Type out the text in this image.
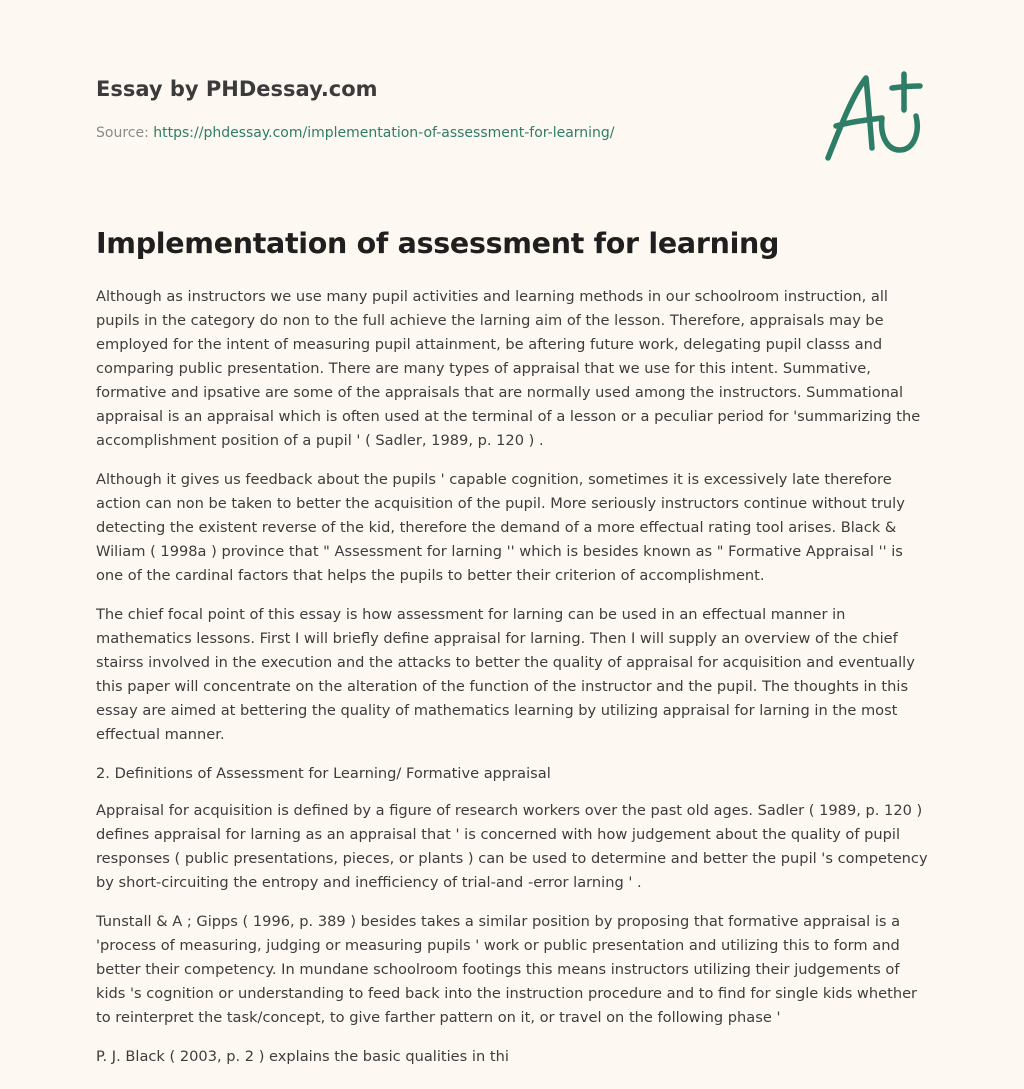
Essay by PHDessay.com
Source: https://phdessay.com/implementation-of-assessment-for-learning/
Implementation of assessment for learning

Although as instructors we use many pupil activities and learning methods in our schoolroom instruction, all pupils in the category do non to the full achieve the larning aim of the lesson. Therefore, appraisals may be employed for the intent of measuring pupil attainment, be aftering future work, delegating pupil classs and comparing public presentation. There are many types of appraisal that we use for this intent. Summative, formative and ipsative are some of the appraisals that are normally used among the instructors. Summational appraisal is an appraisal which is often used at the terminal of a lesson or a peculiar period for 'summarizing the accomplishment position of a pupil ' ( Sadler, 1989, p. 120 ) .

Although it gives us feedback about the pupils ' capable cognition, sometimes it is excessively late therefore action can non be taken to better the acquisition of the pupil. More seriously instructors continue without truly detecting the existent reverse of the kid, therefore the demand of a more effectual rating tool arises. Black & Wiliam ( 1998a ) province that " Assessment for larning '' which is besides known as " Formative Appraisal '' is one of the cardinal factors that helps the pupils to better their criterion of accomplishment.

The chief focal point of this essay is how assessment for larning can be used in an effectual manner in mathematics lessons. First I will briefly define appraisal for larning. Then I will supply an overview of the chief stairss involved in the execution and the attacks to better the quality of appraisal for acquisition and eventually this paper will concentrate on the alteration of the function of the instructor and the pupil. The thoughts in this essay are aimed at bettering the quality of mathematics learning by utilizing appraisal for larning in the most effectual manner.

2. Definitions of Assessment for Learning/ Formative appraisal

Appraisal for acquisition is defined by a figure of research workers over the past old ages. Sadler ( 1989, p. 120 ) defines appraisal for larning as an appraisal that ' is concerned with how judgement about the quality of pupil responses ( public presentations, pieces, or plants ) can be used to determine and better the pupil 's competency by short-circuiting the entropy and inefficiency of trial-and -error larning ' .

Tunstall & A ; Gipps ( 1996, p. 389 ) besides takes a similar position by proposing that formative appraisal is a 'process of measuring, judging or measuring pupils ' work or public presentation and utilizing this to form and better their competency. In mundane schoolroom footings this means instructors utilizing their judgements of kids 's cognition or understanding to feed back into the instruction procedure and to find for single kids whether to reinterpret the task/concept, to give farther pattern on it, or travel on the following phase '

P. J. Black ( 2003, p. 2 ) explains the basic qualities in thi
